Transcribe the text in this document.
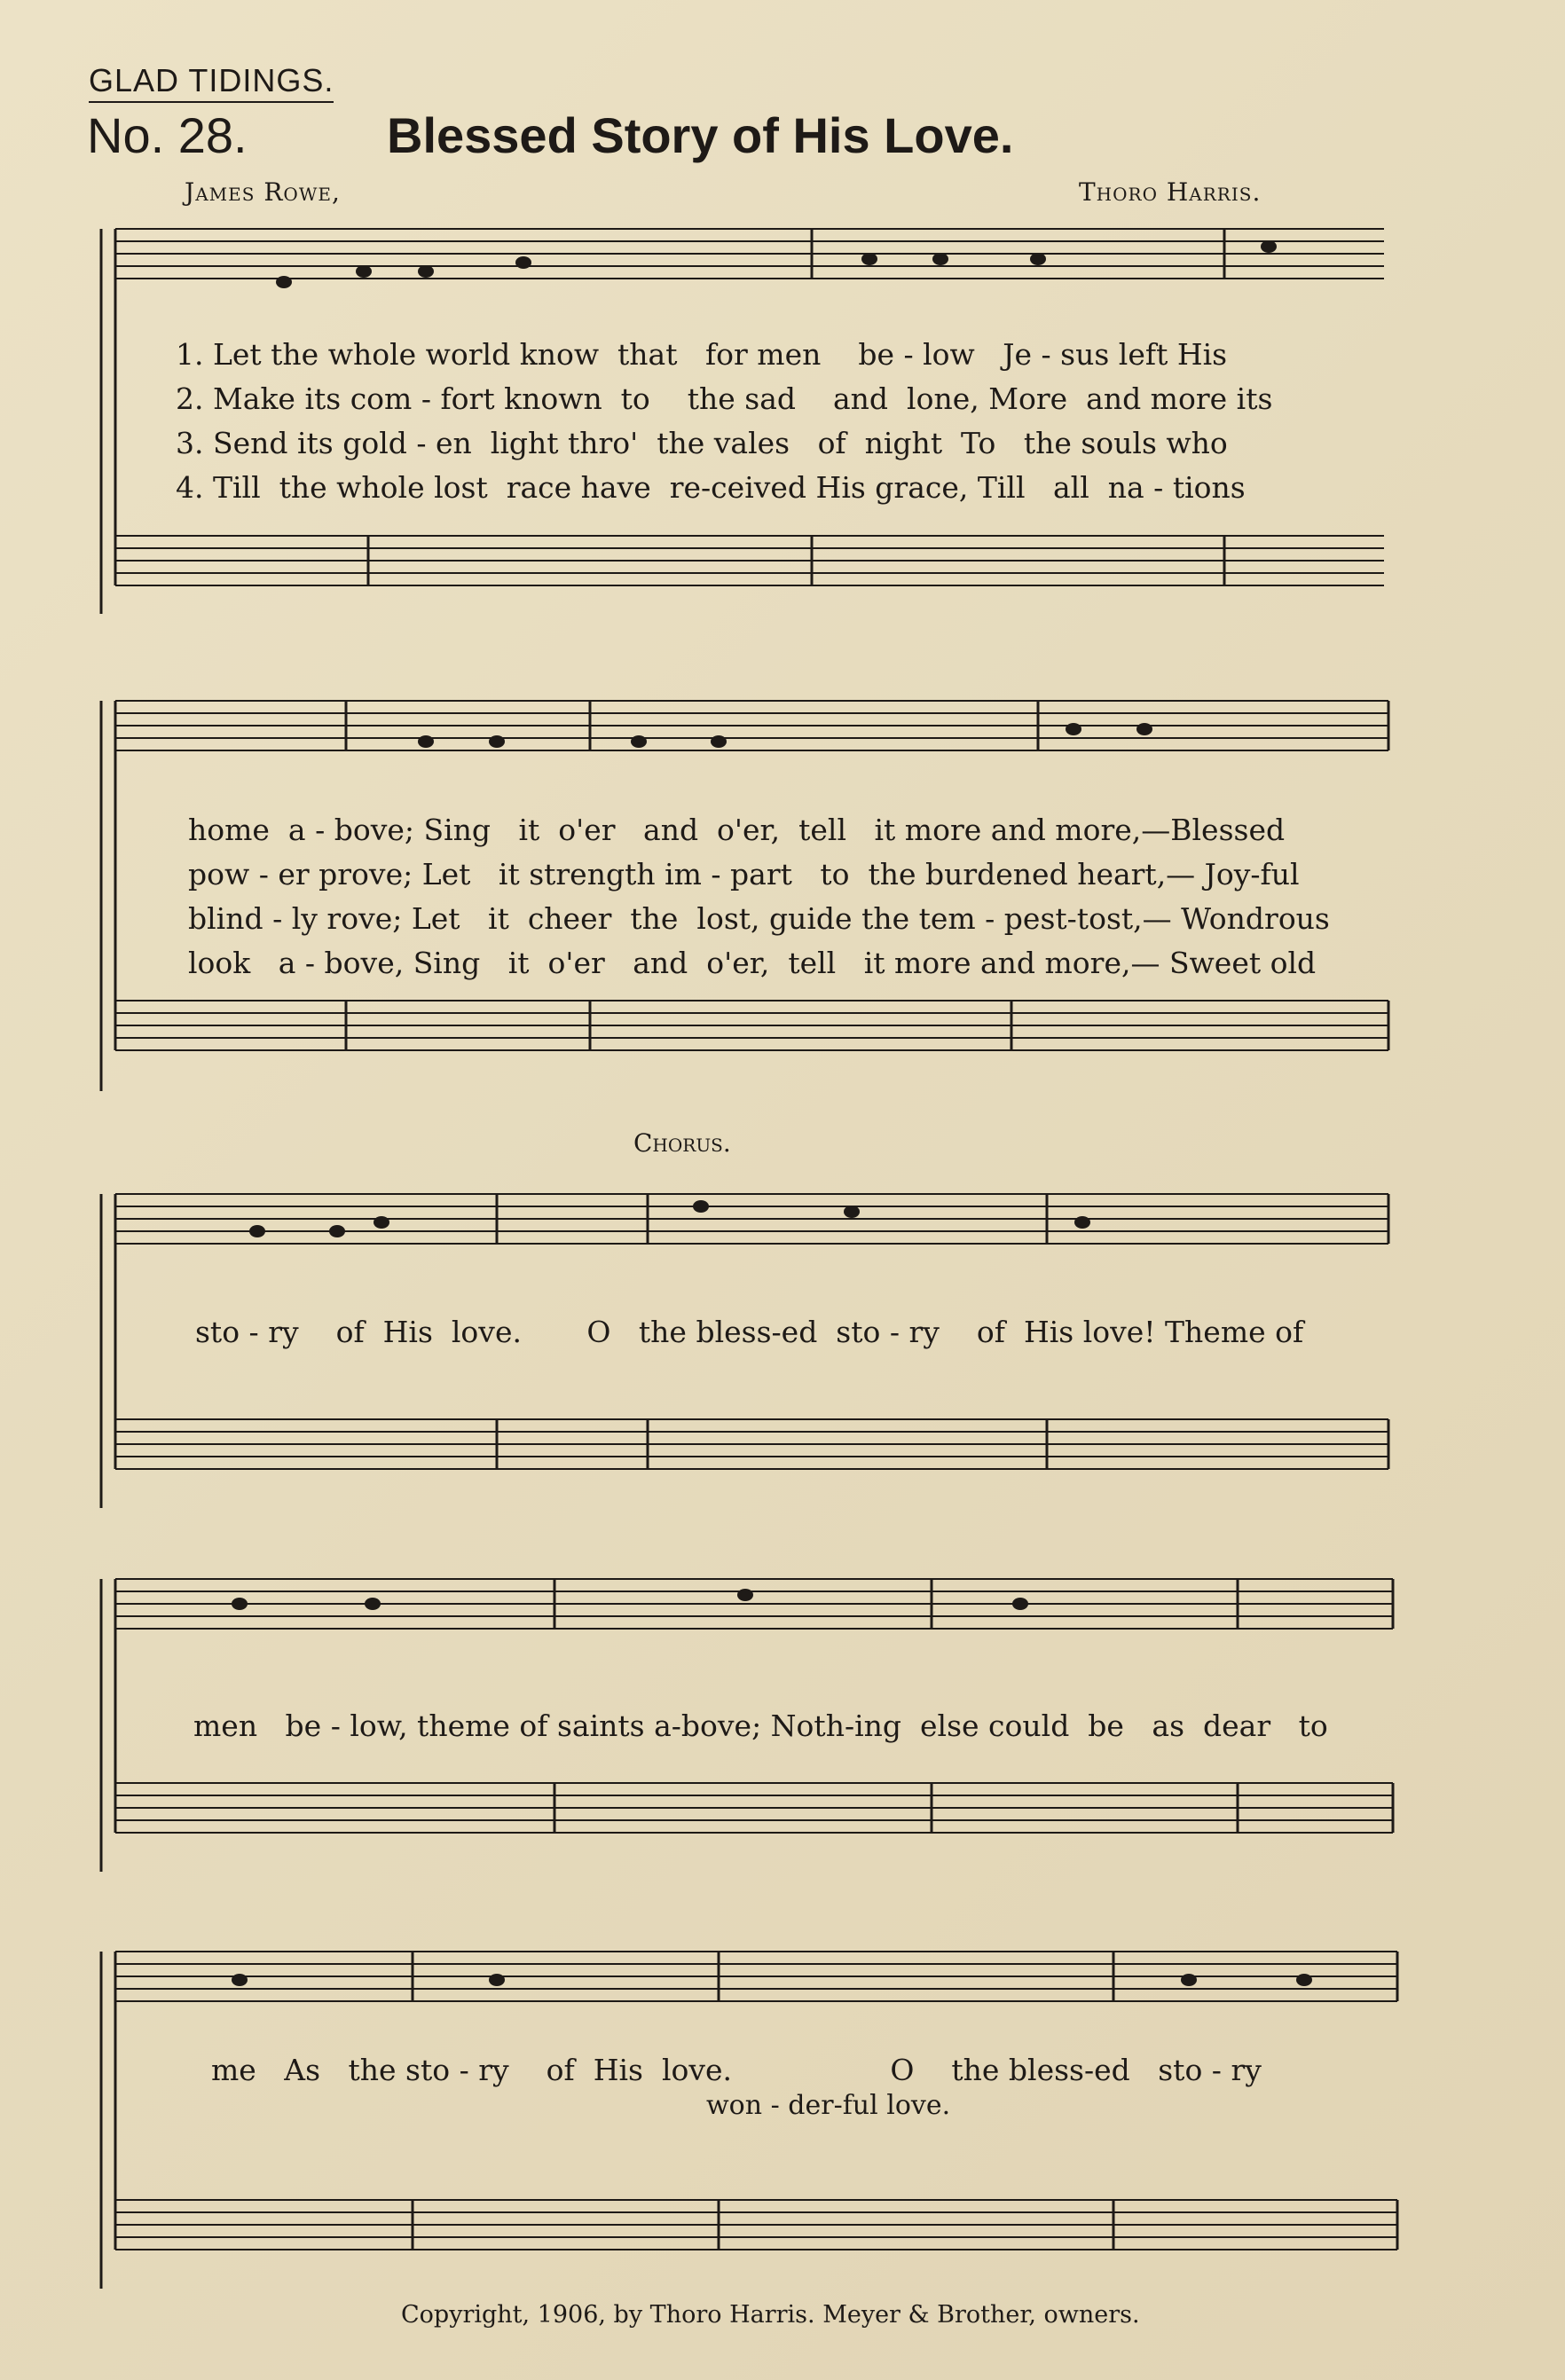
GLAD TIDINGS.
No. 28.	Blessed Story of His Love.
James Rowe,	Thoro Harris.
1. Let the whole world know  that   for men    be - low   Je - sus left His
2. Make its com - fort known  to    the sad    and  lone, More  and more its
3. Send its gold - en  light thro'  the vales   of  night  To   the souls who
4. Till  the whole lost  race have  re-ceived His grace, Till   all  na - tions
home  a - bove; Sing   it  o'er   and  o'er,  tell   it more and more,—Blessed
pow - er prove; Let   it strength im - part   to  the burdened heart,— Joy-ful
blind - ly rove; Let   it  cheer  the  lost, guide the tem - pest-tost,— Wondrous
look   a - bove, Sing   it  o'er   and  o'er,  tell   it more and more,— Sweet old
Chorus.
sto - ry    of  His  love.       O   the bless-ed  sto - ry    of  His love! Theme of
men   be - low, theme of saints a-bove; Noth-ing  else could  be   as  dear   to
me   As   the sto - ry    of  His  love.                 O    the bless-ed   sto - ry
won - der-ful love.
Copyright, 1906, by Thoro Harris. Meyer & Brother, owners.
